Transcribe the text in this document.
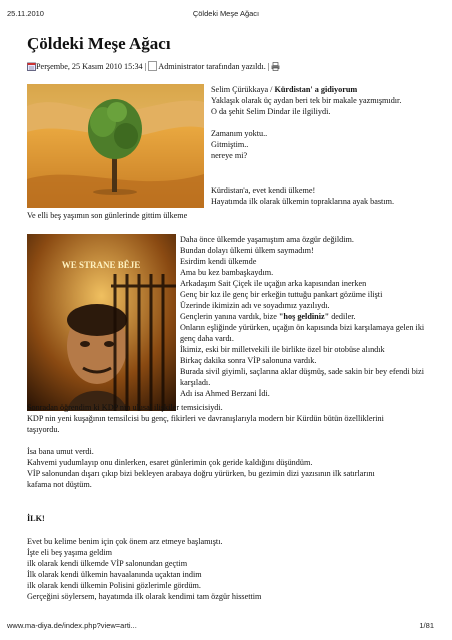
25.11.2010	Çöldeki Meşe Ağacı
Çöldeki Meşe Ağacı
Perşembe, 25 Kasım 2010 15:34 | Administrator tarafından yazıldı. |
Selim Çürükkaya / Kürdistan' a gidiyorum
Yaklaşık olarak üç aydan beri tek bir makale yazmışmıdır.
O da şehit Selim Dindar ile ilgiliydi.
Zamanım yoktu..
Gitmiştim..
nereye mi?
Kürdistan'a, evet kendi ülkeme!
Hayatımda ilk olarak ülkemin topraklarına ayak bastım.
Ve elli beş yaşımın son günlerinde gittim ülkeme
WE STRANE BÊJE
Daha önce ülkemde yaşamıştım ama özgür değildim.
Bundan dolayı ülkemi ülkem saymadım!
Esirdim kendi ülkemde
Ama bu kez bambaşkaydım.
Arkadaşım Sait Çiçek ile uçağın arka kapısından inerken
Genç bir kız ile genç bir erkeğin tuttuğu pankart gözüme ilişti
Üzerinde ikimizin adı ve soyadımız yazılıydı.
Gençlerin yanına vardık, bize "hoş geldiniz" dediler.
Onların eşliğinde yürürken, uçağın ön kapısında bizi karşılamaya gelen iki
genç daha vardı.
İkimiz, eski bir milletvekili ile birlikte özel bir otobüse alındık
Birkaç dakika sonra VİP salonuna vardık.
Burada sivil giyimli, saçlarına aklar düşmüş, sade sakin bir bey efendi bizi
karşıladı.
Adı isa Ahmed Berzani İdi.
Sonradan öğrendim ki KDP nin ulusal ilişkiler temsicisiydi.
KDP nin yeni kuşağının temsilcisi bu genç, fikirleri ve davranışlarıyla modern bir Kürdün bütün özelliklerini
taşıyordu.
İsa bana umut verdi.
Kahvemi yudumlayıp onu dinlerken, esaret günlerimin çok geride kaldığını düşündüm.
VİP salonundan dışarı çıkıp bizi bekleyen arabaya doğru yürürken, bu gezimin dizi yazısının ilk satırlarını
kafama not düştüm.
İLK!
Evet bu kelime benim için çok önem arz etmeye başlamıştı.
İşte eli beş yaşıma geldim
ilk olarak kendi ülkemde VİP salonundan geçtim
İlk olarak kendi ülkemin havaalanında uçaktan indim
ilk olarak kendi ülkemin Polisini gözlerimle gördüm.
Gerçeğini söylersem, hayatımda ilk olarak kendimi tam özgür hissettim
www.ma-diya.de/index.php?view=arti...	1/81
